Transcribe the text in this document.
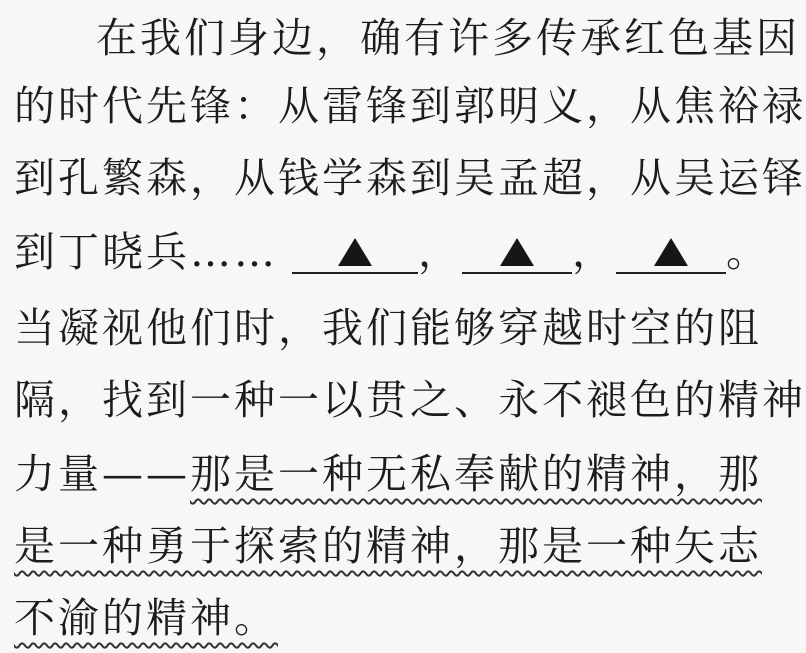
在我们身边，确有许多传承红色基因
的时代先锋：从雷锋到郭明义，从焦裕禄
到孔繁森，从钱学森到吴孟超，从吴运铎
到丁晓兵……	，	，	。
当凝视他们时，我们能够穿越时空的阻
隔，找到一种一以贯之、永不褪色的精神
力量——那是一种无私奉献的精神，那
是一种勇于探索的精神，那是一种矢志
不渝的精神。
